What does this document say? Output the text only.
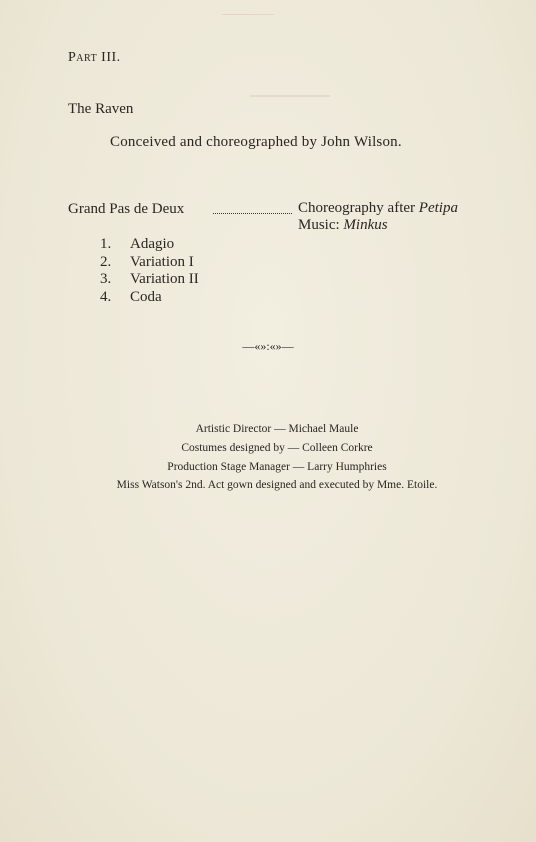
Part III.
The Raven
Conceived and choreographed by John Wilson.
Grand Pas de Deux	Choreography after Petipa
Music: Minkus
1.	Adagio
2.	Variation I
3.	Variation II
4.	Coda
—«»:«»—
Artistic Director — Michael Maule
Costumes designed by — Colleen Corkre
Production Stage Manager — Larry Humphries
Miss Watson's 2nd. Act gown designed and executed by Mme. Etoile.
